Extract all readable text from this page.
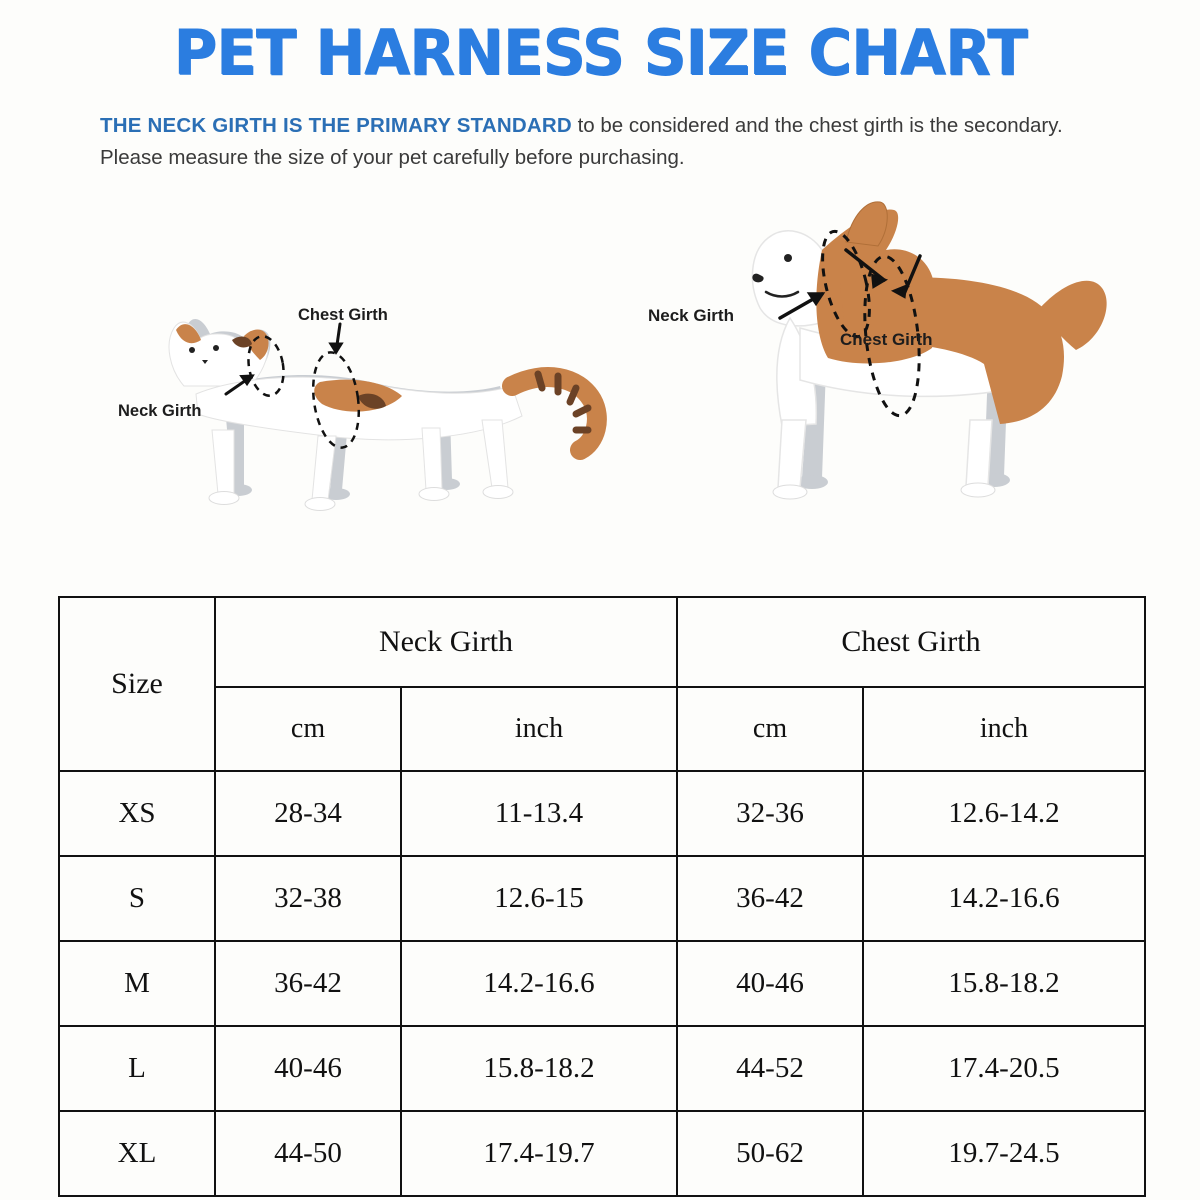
PET HARNESS SIZE CHART
THE NECK GIRTH IS THE PRIMARY STANDARD to be considered and the chest girth is the secondary. Please measure the size of your pet carefully before purchasing.
Neck Girth
Chest Girth	Neck Girth
Chest Girth
Size	Neck Girth		Chest Girth	
	cm	inch	cm	inch
XS	28-34	11-13.4	32-36	12.6-14.2
S	32-38	12.6-15	36-42	14.2-16.6
M	36-42	14.2-16.6	40-46	15.8-18.2
L	40-46	15.8-18.2	44-52	17.4-20.5
XL	44-50	17.4-19.7	50-62	19.7-24.5
